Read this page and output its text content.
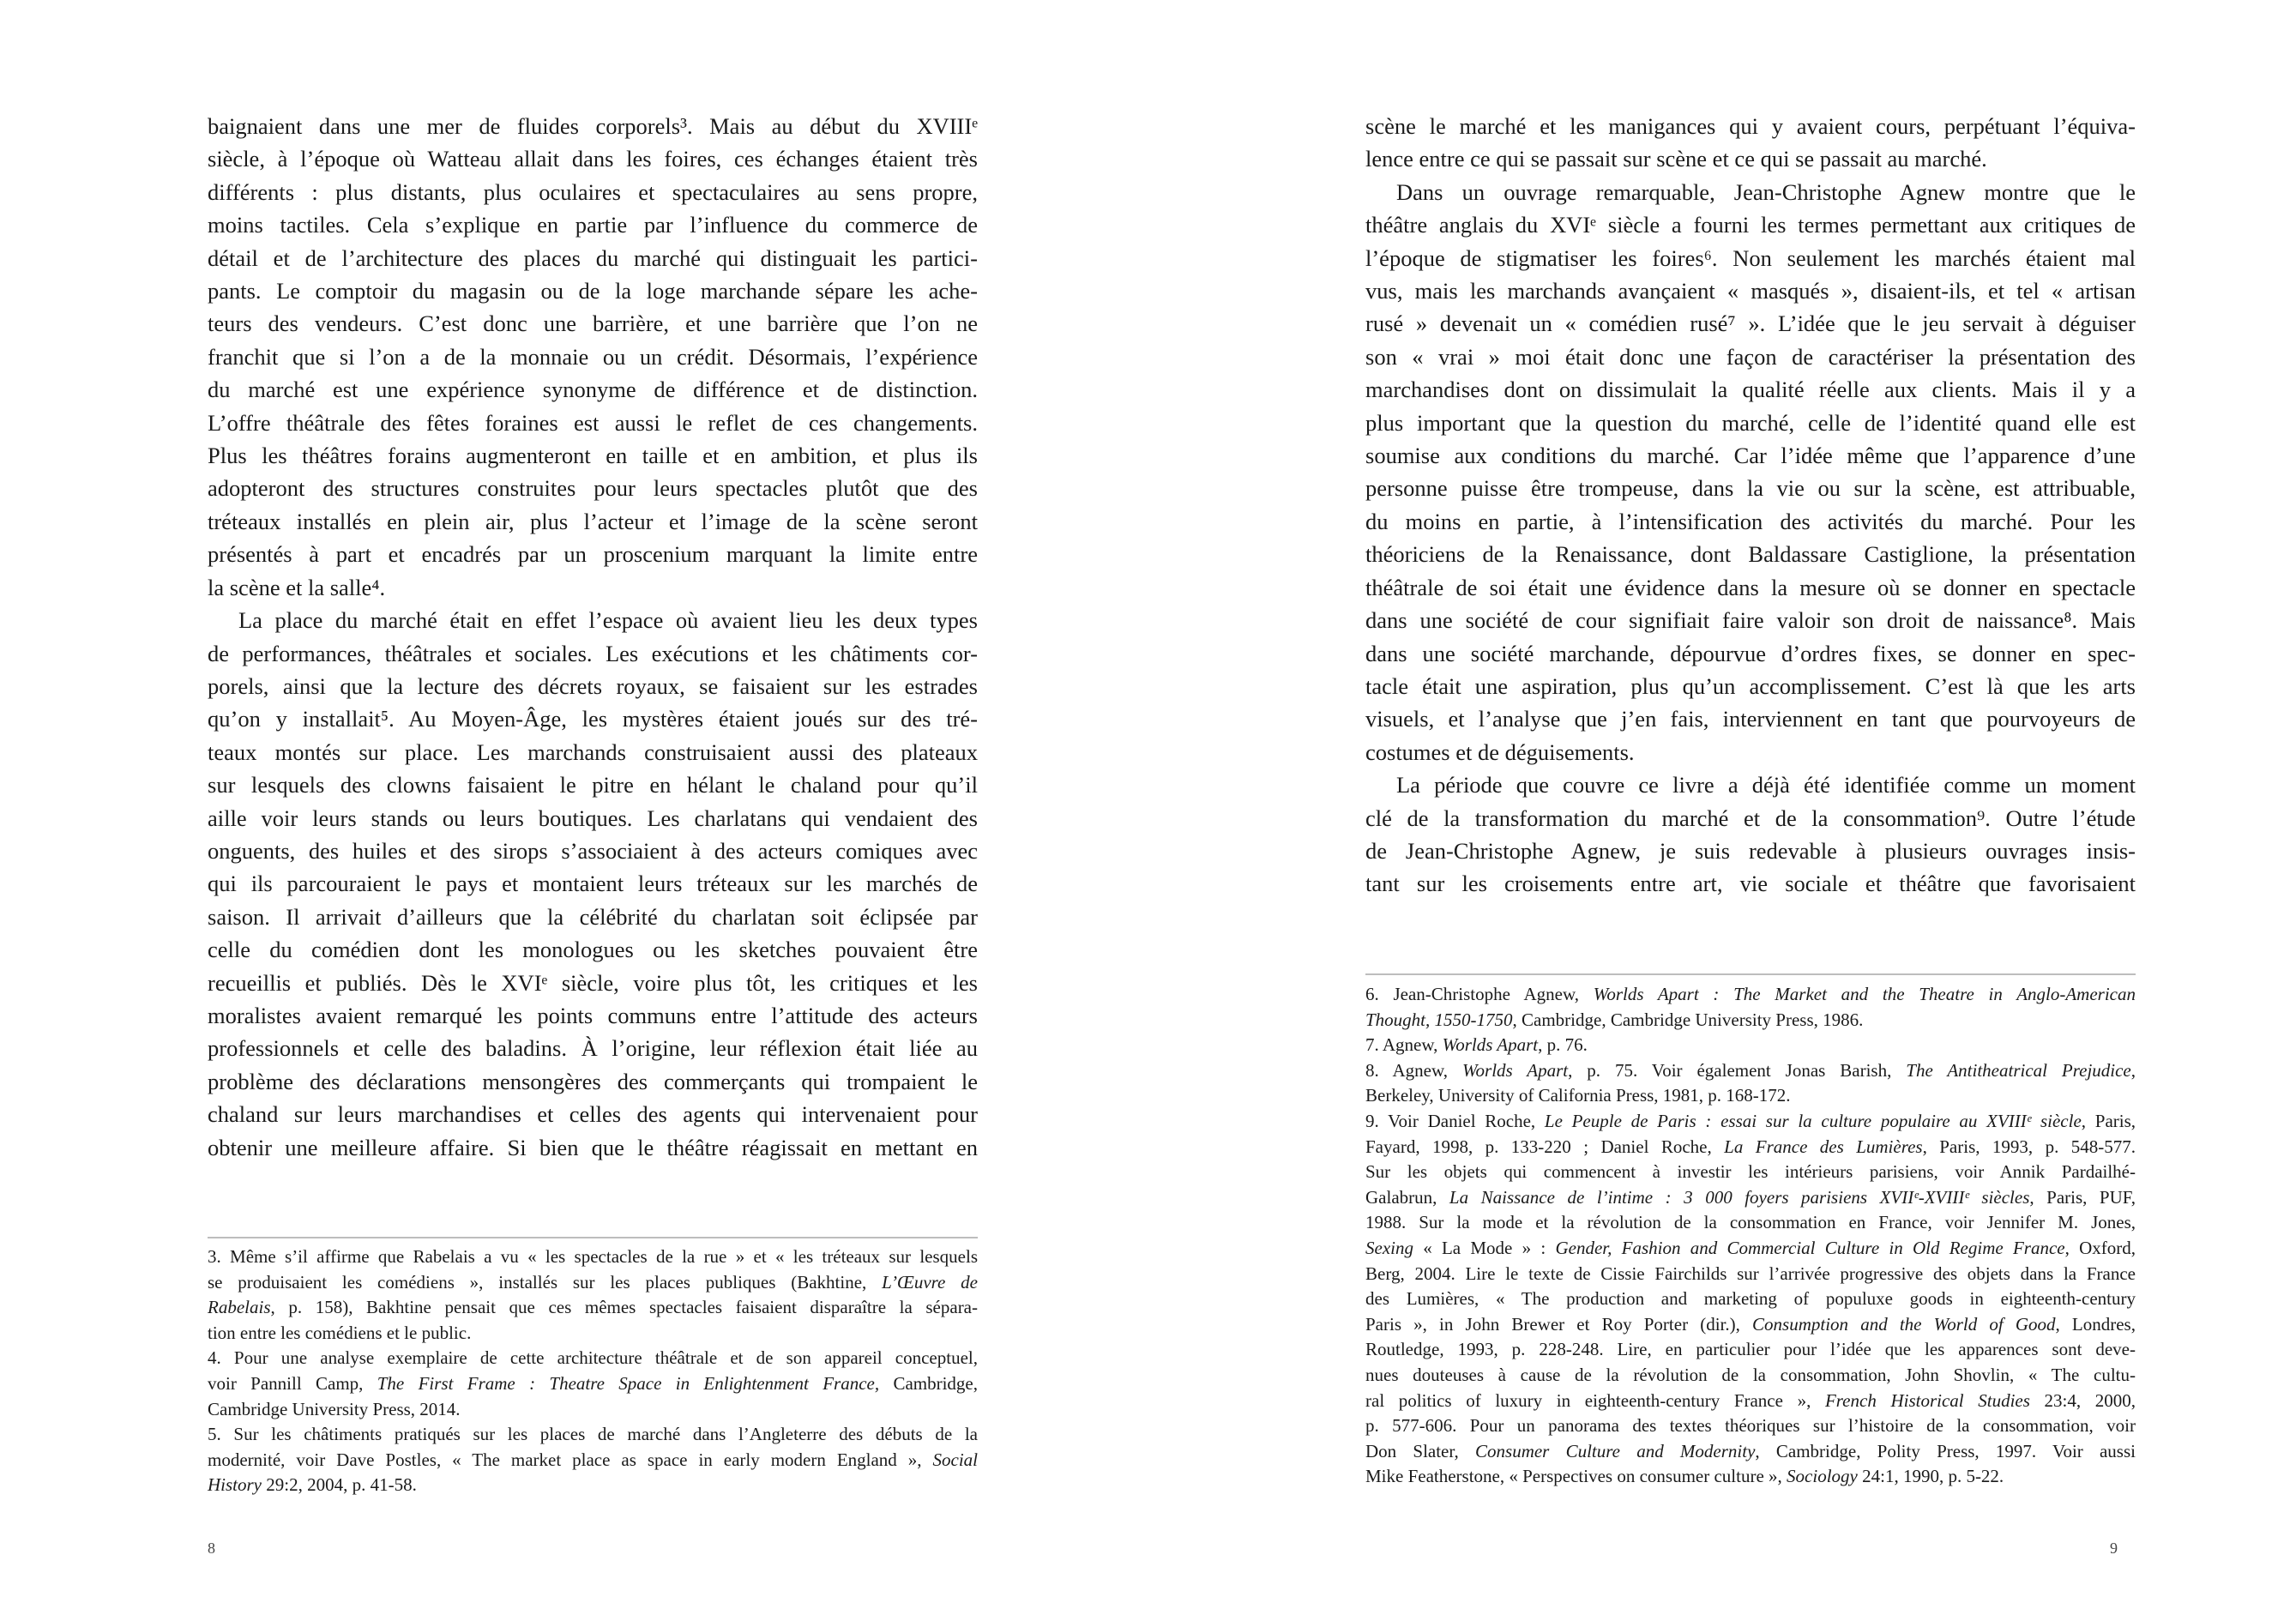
baignaient dans une mer de fluides corporels³. Mais au début du XVIIIᵉ
siècle, à l’époque où Watteau allait dans les foires, ces échanges étaient très
différents : plus distants, plus oculaires et spectaculaires au sens propre,
moins tactiles. Cela s’explique en partie par l’influence du commerce de
détail et de l’architecture des places du marché qui distinguait les partici-
pants. Le comptoir du magasin ou de la loge marchande sépare les ache-
teurs des vendeurs. C’est donc une barrière, et une barrière que l’on ne
franchit que si l’on a de la monnaie ou un crédit. Désormais, l’expérience
du marché est une expérience synonyme de différence et de distinction.
L’offre théâtrale des fêtes foraines est aussi le reflet de ces changements.
Plus les théâtres forains augmenteront en taille et en ambition, et plus ils
adopteront des structures construites pour leurs spectacles plutôt que des
tréteaux installés en plein air, plus l’acteur et l’image de la scène seront
présentés à part et encadrés par un proscenium marquant la limite entre
la scène et la salle⁴.
La place du marché était en effet l’espace où avaient lieu les deux types
de performances, théâtrales et sociales. Les exécutions et les châtiments cor-
porels, ainsi que la lecture des décrets royaux, se faisaient sur les estrades
qu’on y installait⁵. Au Moyen-Âge, les mystères étaient joués sur des tré-
teaux montés sur place. Les marchands construisaient aussi des plateaux
sur lesquels des clowns faisaient le pitre en hélant le chaland pour qu’il
aille voir leurs stands ou leurs boutiques. Les charlatans qui vendaient des
onguents, des huiles et des sirops s’associaient à des acteurs comiques avec
qui ils parcouraient le pays et montaient leurs tréteaux sur les marchés de
saison. Il arrivait d’ailleurs que la célébrité du charlatan soit éclipsée par
celle du comédien dont les monologues ou les sketches pouvaient être
recueillis et publiés. Dès le XVIᵉ siècle, voire plus tôt, les critiques et les
moralistes avaient remarqué les points communs entre l’attitude des acteurs
professionnels et celle des baladins. À l’origine, leur réflexion était liée au
problème des déclarations mensongères des commerçants qui trompaient le
chaland sur leurs marchandises et celles des agents qui intervenaient pour
obtenir une meilleure affaire. Si bien que le théâtre réagissait en mettant en
3. Même s’il affirme que Rabelais a vu « les spectacles de la rue » et « les tréteaux sur lesquels
se produisaient les comédiens », installés sur les places publiques (Bakhtine, L’Œuvre de
Rabelais, p. 158), Bakhtine pensait que ces mêmes spectacles faisaient disparaître la sépara-
tion entre les comédiens et le public.
4. Pour une analyse exemplaire de cette architecture théâtrale et de son appareil conceptuel,
voir Pannill Camp, The First Frame : Theatre Space in Enlightenment France, Cambridge,
Cambridge University Press, 2014.
5. Sur les châtiments pratiqués sur les places de marché dans l’Angleterre des débuts de la
modernité, voir Dave Postles, « The market place as space in early modern England », Social
History 29:2, 2004, p. 41-58.
8
scène le marché et les manigances qui y avaient cours, perpétuant l’équiva-
lence entre ce qui se passait sur scène et ce qui se passait au marché.
Dans un ouvrage remarquable, Jean-Christophe Agnew montre que le
théâtre anglais du XVIᵉ siècle a fourni les termes permettant aux critiques de
l’époque de stigmatiser les foires⁶. Non seulement les marchés étaient mal
vus, mais les marchands avançaient « masqués », disaient-ils, et tel « artisan
rusé » devenait un « comédien rusé⁷ ». L’idée que le jeu servait à déguiser
son « vrai » moi était donc une façon de caractériser la présentation des
marchandises dont on dissimulait la qualité réelle aux clients. Mais il y a
plus important que la question du marché, celle de l’identité quand elle est
soumise aux conditions du marché. Car l’idée même que l’apparence d’une
personne puisse être trompeuse, dans la vie ou sur la scène, est attribuable,
du moins en partie, à l’intensification des activités du marché. Pour les
théoriciens de la Renaissance, dont Baldassare Castiglione, la présentation
théâtrale de soi était une évidence dans la mesure où se donner en spectacle
dans une société de cour signifiait faire valoir son droit de naissance⁸. Mais
dans une société marchande, dépourvue d’ordres fixes, se donner en spec-
tacle était une aspiration, plus qu’un accomplissement. C’est là que les arts
visuels, et l’analyse que j’en fais, interviennent en tant que pourvoyeurs de
costumes et de déguisements.
La période que couvre ce livre a déjà été identifiée comme un moment
clé de la transformation du marché et de la consommation⁹. Outre l’étude
de Jean-Christophe Agnew, je suis redevable à plusieurs ouvrages insis-
tant sur les croisements entre art, vie sociale et théâtre que favorisaient
6. Jean-Christophe Agnew, Worlds Apart : The Market and the Theatre in Anglo-American
Thought, 1550-1750, Cambridge, Cambridge University Press, 1986.
7. Agnew, Worlds Apart, p. 76.
8. Agnew, Worlds Apart, p. 75. Voir également Jonas Barish, The Antitheatrical Prejudice,
Berkeley, University of California Press, 1981, p. 168-172.
9. Voir Daniel Roche, Le Peuple de Paris : essai sur la culture populaire au XVIIIᵉ siècle, Paris,
Fayard, 1998, p. 133-220 ; Daniel Roche, La France des Lumières, Paris, 1993, p. 548-577.
Sur les objets qui commencent à investir les intérieurs parisiens, voir Annik Pardailhé-
Galabrun, La Naissance de l’intime : 3 000 foyers parisiens XVIIᵉ-XVIIIᵉ siècles, Paris, PUF,
1988. Sur la mode et la révolution de la consommation en France, voir Jennifer M. Jones,
Sexing « La Mode » : Gender, Fashion and Commercial Culture in Old Regime France, Oxford,
Berg, 2004. Lire le texte de Cissie Fairchilds sur l’arrivée progressive des objets dans la France
des Lumières, « The production and marketing of populuxe goods in eighteenth-century
Paris », in John Brewer et Roy Porter (dir.), Consumption and the World of Good, Londres,
Routledge, 1993, p. 228-248. Lire, en particulier pour l’idée que les apparences sont deve-
nues douteuses à cause de la révolution de la consommation, John Shovlin, « The cultu-
ral politics of luxury in eighteenth-century France », French Historical Studies 23:4, 2000,
p. 577-606. Pour un panorama des textes théoriques sur l’histoire de la consommation, voir
Don Slater, Consumer Culture and Modernity, Cambridge, Polity Press, 1997. Voir aussi
Mike Featherstone, « Perspectives on consumer culture », Sociology 24:1, 1990, p. 5-22.
9
